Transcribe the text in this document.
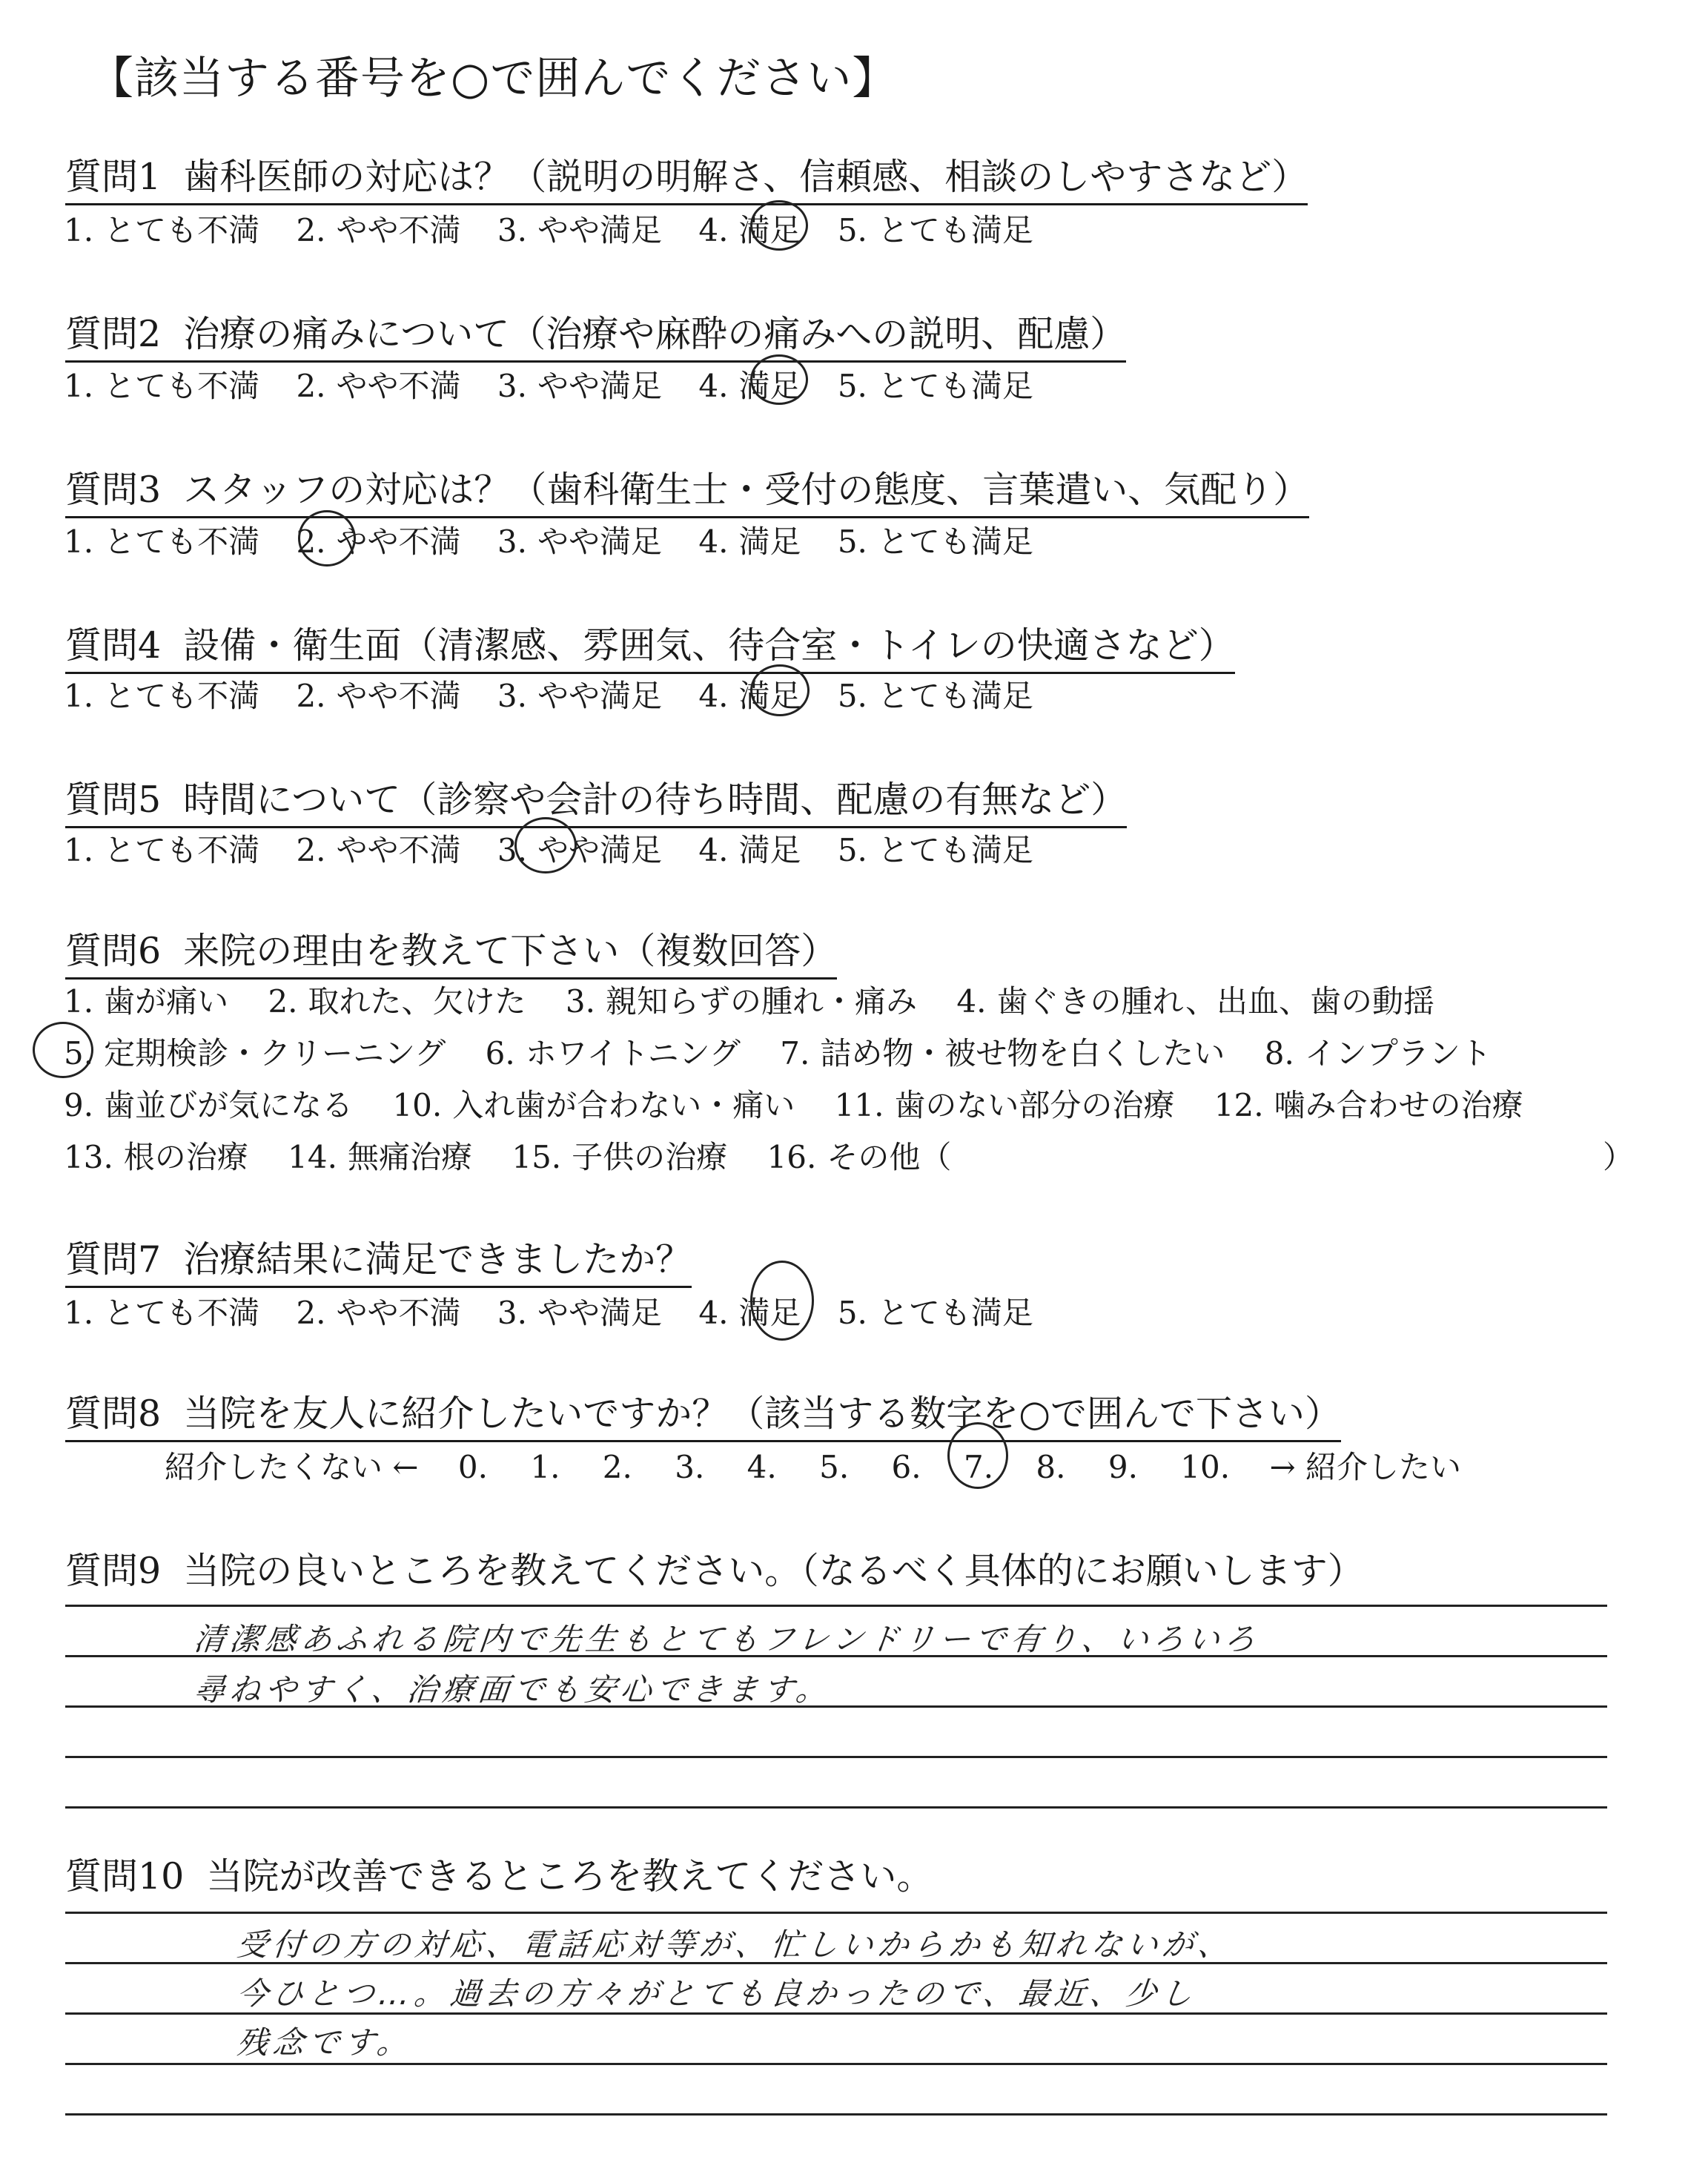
【該当する番号を○で囲んでください】
質問1 歯科医師の対応は？（説明の明解さ、信頼感、相談のしやすさなど）
1. とても不満 2. やや不満 3. やや満足 4. 満足 5. とても満足
質問2 治療の痛みについて（治療や麻酔の痛みへの説明、配慮）
1. とても不満 2. やや不満 3. やや満足 4. 満足 5. とても満足
質問3 スタッフの対応は？（歯科衛生士・受付の態度、言葉遣い、気配り）
1. とても不満 2. やや不満 3. やや満足 4. 満足 5. とても満足
質問4 設備・衛生面（清潔感、雰囲気、待合室・トイレの快適さなど）
1. とても不満 2. やや不満 3. やや満足 4. 満足 5. とても満足
質問5 時間について（診察や会計の待ち時間、配慮の有無など）
1. とても不満 2. やや不満 3. やや満足 4. 満足 5. とても満足
質問6 来院の理由を教えて下さい（複数回答）
1. 歯が痛い 2. 取れた、欠けた 3. 親知らずの腫れ・痛み 4. 歯ぐきの腫れ、出血、歯の動揺
5. 定期検診・クリーニング 6. ホワイトニング 7. 詰め物・被せ物を白くしたい 8. インプラント
9. 歯並びが気になる 10. 入れ歯が合わない・痛い 11. 歯のない部分の治療 12. 噛み合わせの治療
13. 根の治療 14. 無痛治療 15. 子供の治療 16. その他（	）
質問7 治療結果に満足できましたか？
1. とても不満 2. やや不満 3. やや満足 4. 満足 5. とても満足
質問8 当院を友人に紹介したいですか？（該当する数字を○で囲んで下さい）
紹介したくない ← 0. 1. 2. 3. 4. 5. 6. 7. 8. 9. 10. → 紹介したい
質問9 当院の良いところを教えてください。（なるべく具体的にお願いします）
清潔感あふれる院内で先生もとてもフレンドリーで有り、いろいろ
尋ねやすく、治療面でも安心できます。
質問10 当院が改善できるところを教えてください。
受付の方の対応、電話応対等が、忙しいからかも知れないが、
今ひとつ…。過去の方々がとても良かったので、最近、少し
残念です。
